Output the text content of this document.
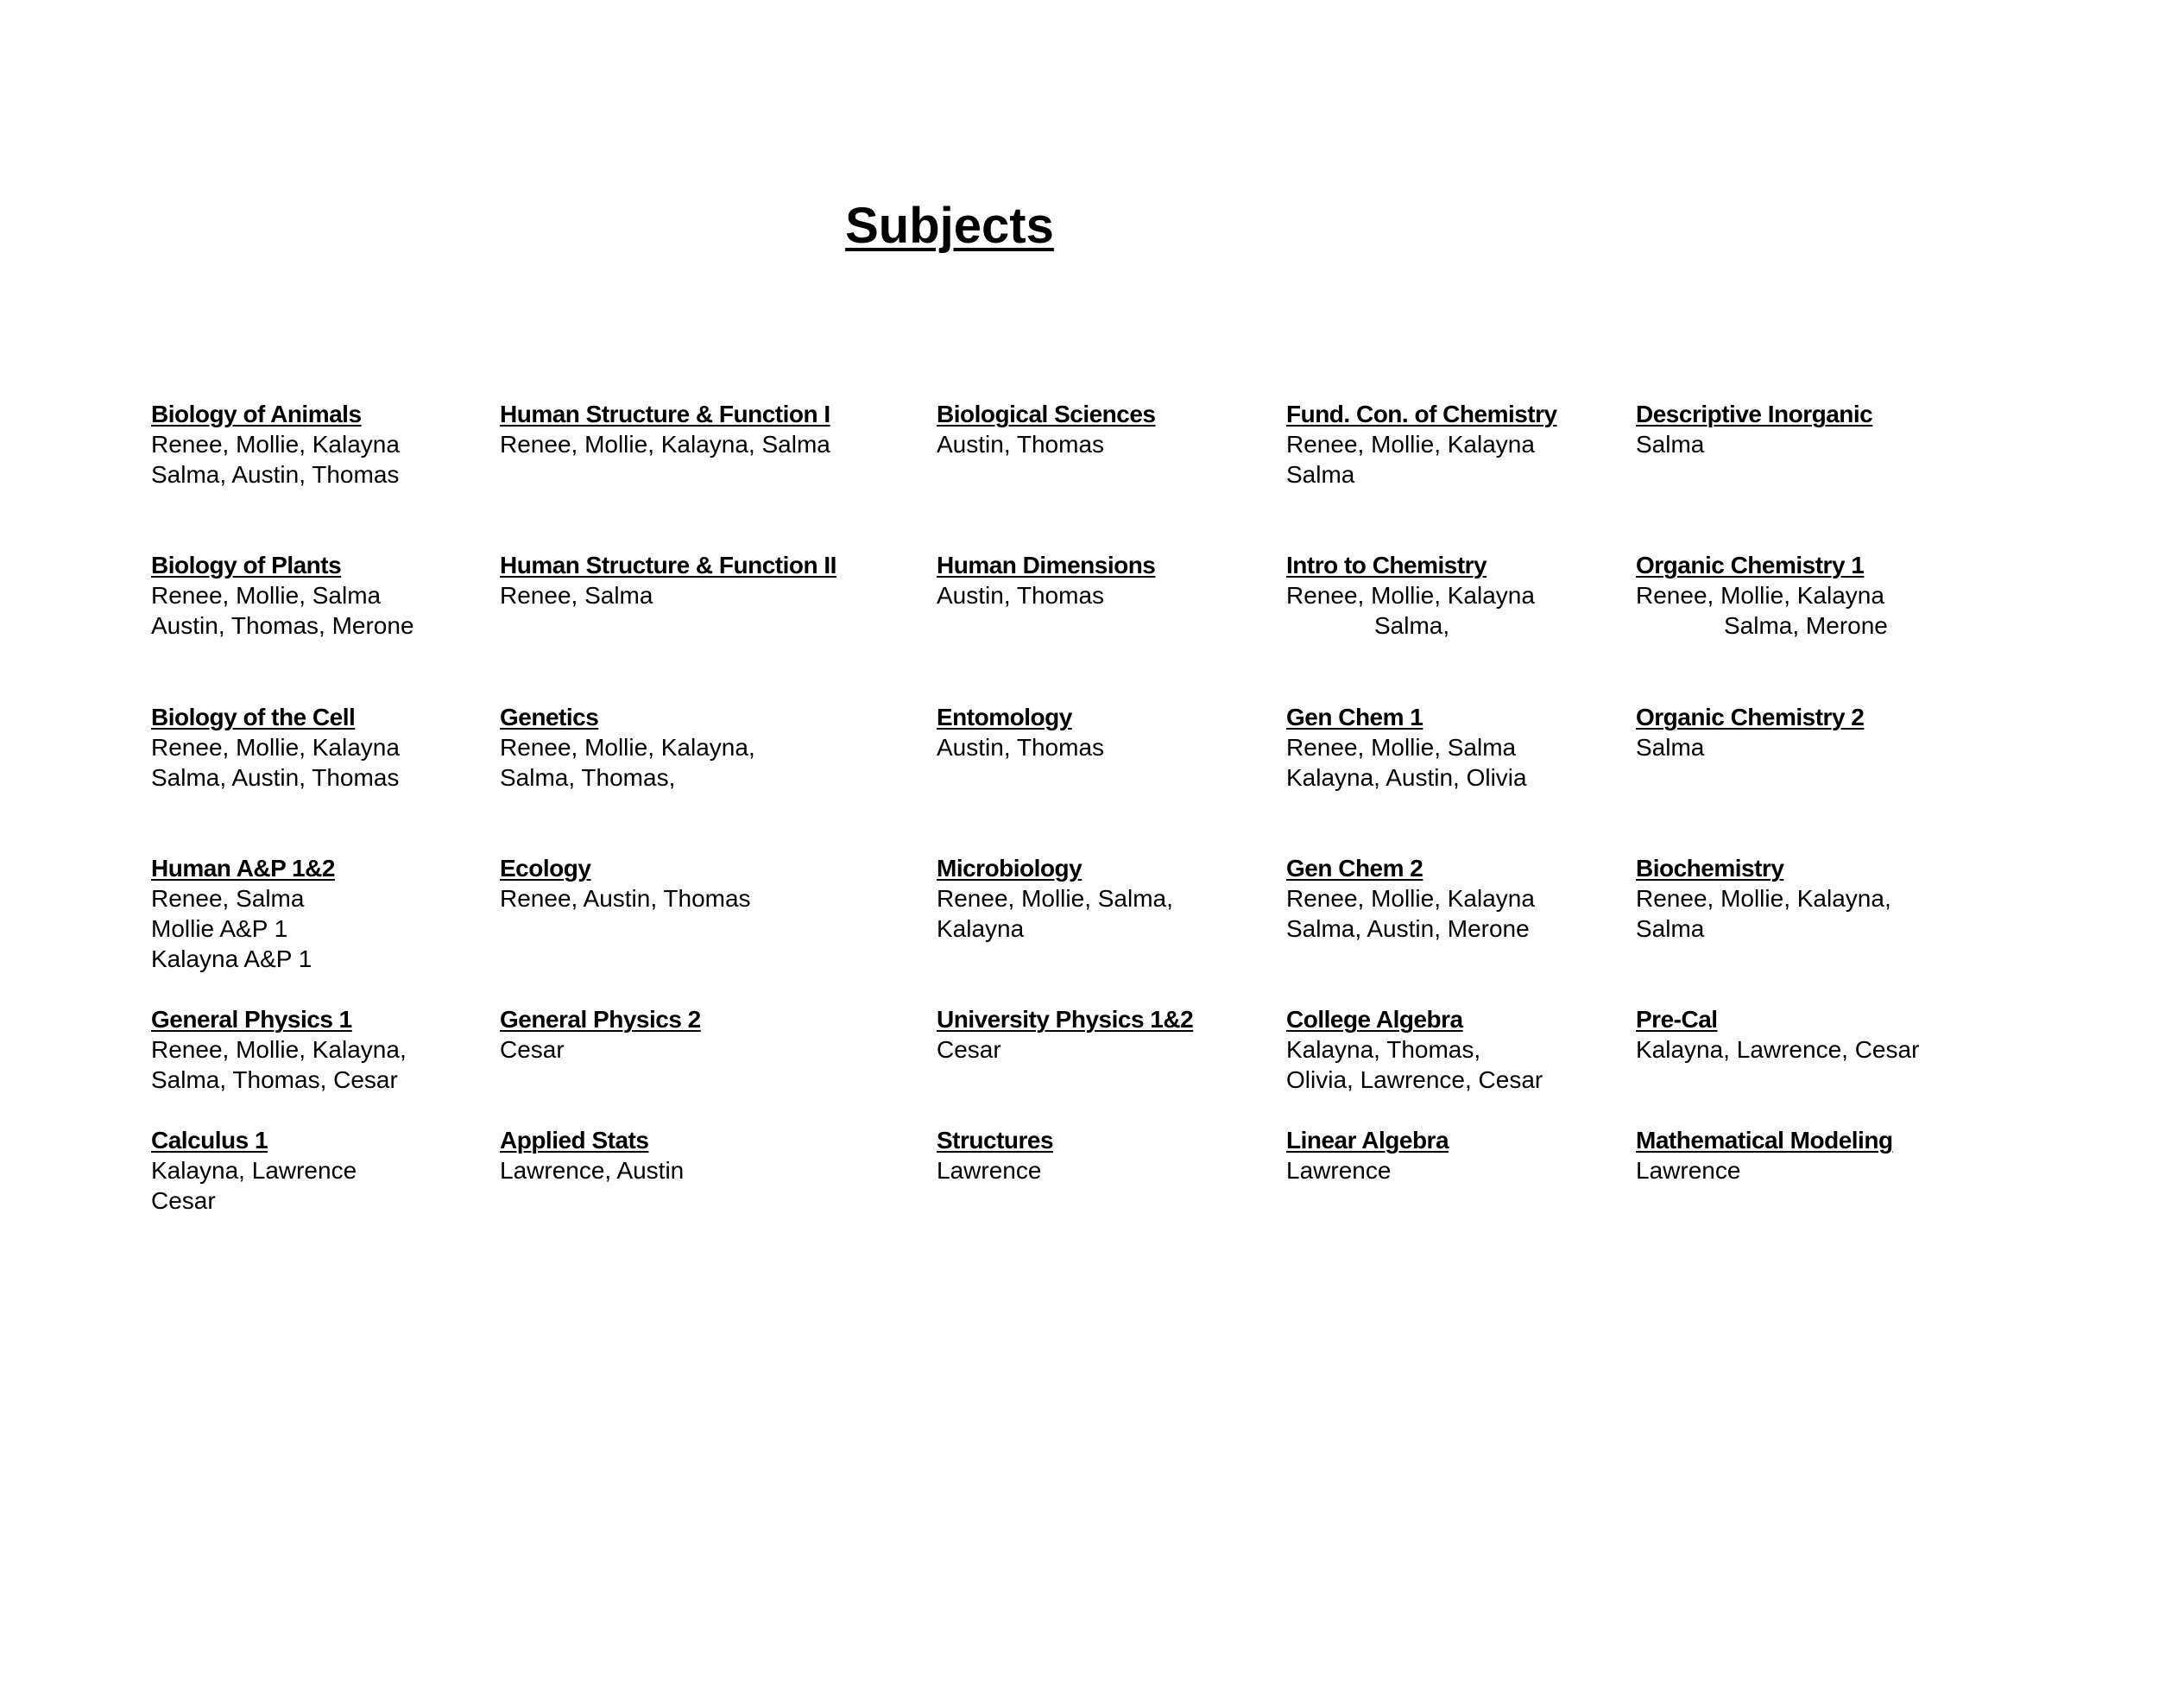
Subjects
Biology of Animals
Renee, Mollie, Kalayna
Salma, Austin, Thomas
Human Structure & Function I
Renee, Mollie, Kalayna, Salma
Biological Sciences
Austin, Thomas
Fund. Con. of Chemistry
Renee, Mollie, Kalayna
Salma
Descriptive Inorganic
Salma
Biology of Plants
Renee, Mollie, Salma
Austin, Thomas, Merone
Human Structure & Function II
Renee, Salma
Human Dimensions
Austin, Thomas
Intro to Chemistry
Renee, Mollie, Kalayna
Salma,
Organic Chemistry 1
Renee, Mollie, Kalayna
Salma, Merone
Biology of the Cell
Renee, Mollie, Kalayna
Salma, Austin, Thomas
Genetics
Renee, Mollie, Kalayna,
Salma, Thomas,
Entomology
Austin, Thomas
Gen Chem 1
Renee, Mollie, Salma
Kalayna, Austin, Olivia
Organic Chemistry 2
Salma
Human A&P 1&2
Renee, Salma
Mollie A&P 1
Kalayna A&P 1
Ecology
Renee, Austin, Thomas
Microbiology
Renee, Mollie, Salma,
Kalayna
Gen Chem 2
Renee, Mollie, Kalayna
Salma, Austin, Merone
Biochemistry
Renee, Mollie, Kalayna,
Salma
General Physics 1
Renee, Mollie, Kalayna,
Salma, Thomas, Cesar
General Physics 2
Cesar
University Physics 1&2
Cesar
College Algebra
Kalayna, Thomas,
Olivia, Lawrence, Cesar
Pre-Cal
Kalayna, Lawrence, Cesar
Calculus 1
Kalayna, Lawrence
Cesar
Applied Stats
Lawrence, Austin
Structures
Lawrence
Linear Algebra
Lawrence
Mathematical Modeling
Lawrence
